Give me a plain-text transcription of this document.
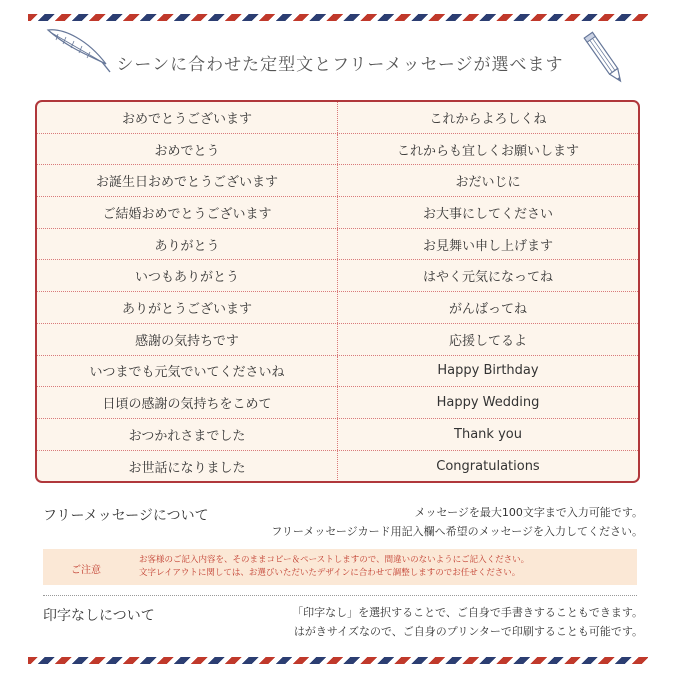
シーンに合わせた定型文とフリーメッセージが選べます
おめでとうございます	これからよろしくね
おめでとう	これからも宜しくお願いします
お誕生日おめでとうございます	おだいじに
ご結婚おめでとうございます	お大事にしてください
ありがとう	お見舞い申し上げます
いつもありがとう	はやく元気になってね
ありがとうございます	がんばってね
感謝の気持ちです	応援してるよ
いつまでも元気でいてくださいね	Happy Birthday
日頃の感謝の気持ちをこめて	Happy Wedding
おつかれさまでした	Thank you
お世話になりました	Congratulations
フリーメッセージについて	メッセージを最大100文字まで入力可能です。
フリーメッセージカード用記入欄へ希望のメッセージを入力してください。
ご注意
お客様のご記入内容を、そのままコピー＆ペーストしますので、間違いのないようにご記入ください。
文字レイアウトに関しては、お選びいただいたデザインに合わせて調整しますのでお任せください。
印字なしについて	「印字なし」を選択することで、ご自身で手書きすることもできます。
はがきサイズなので、ご自身のプリンターで印刷することも可能です。
